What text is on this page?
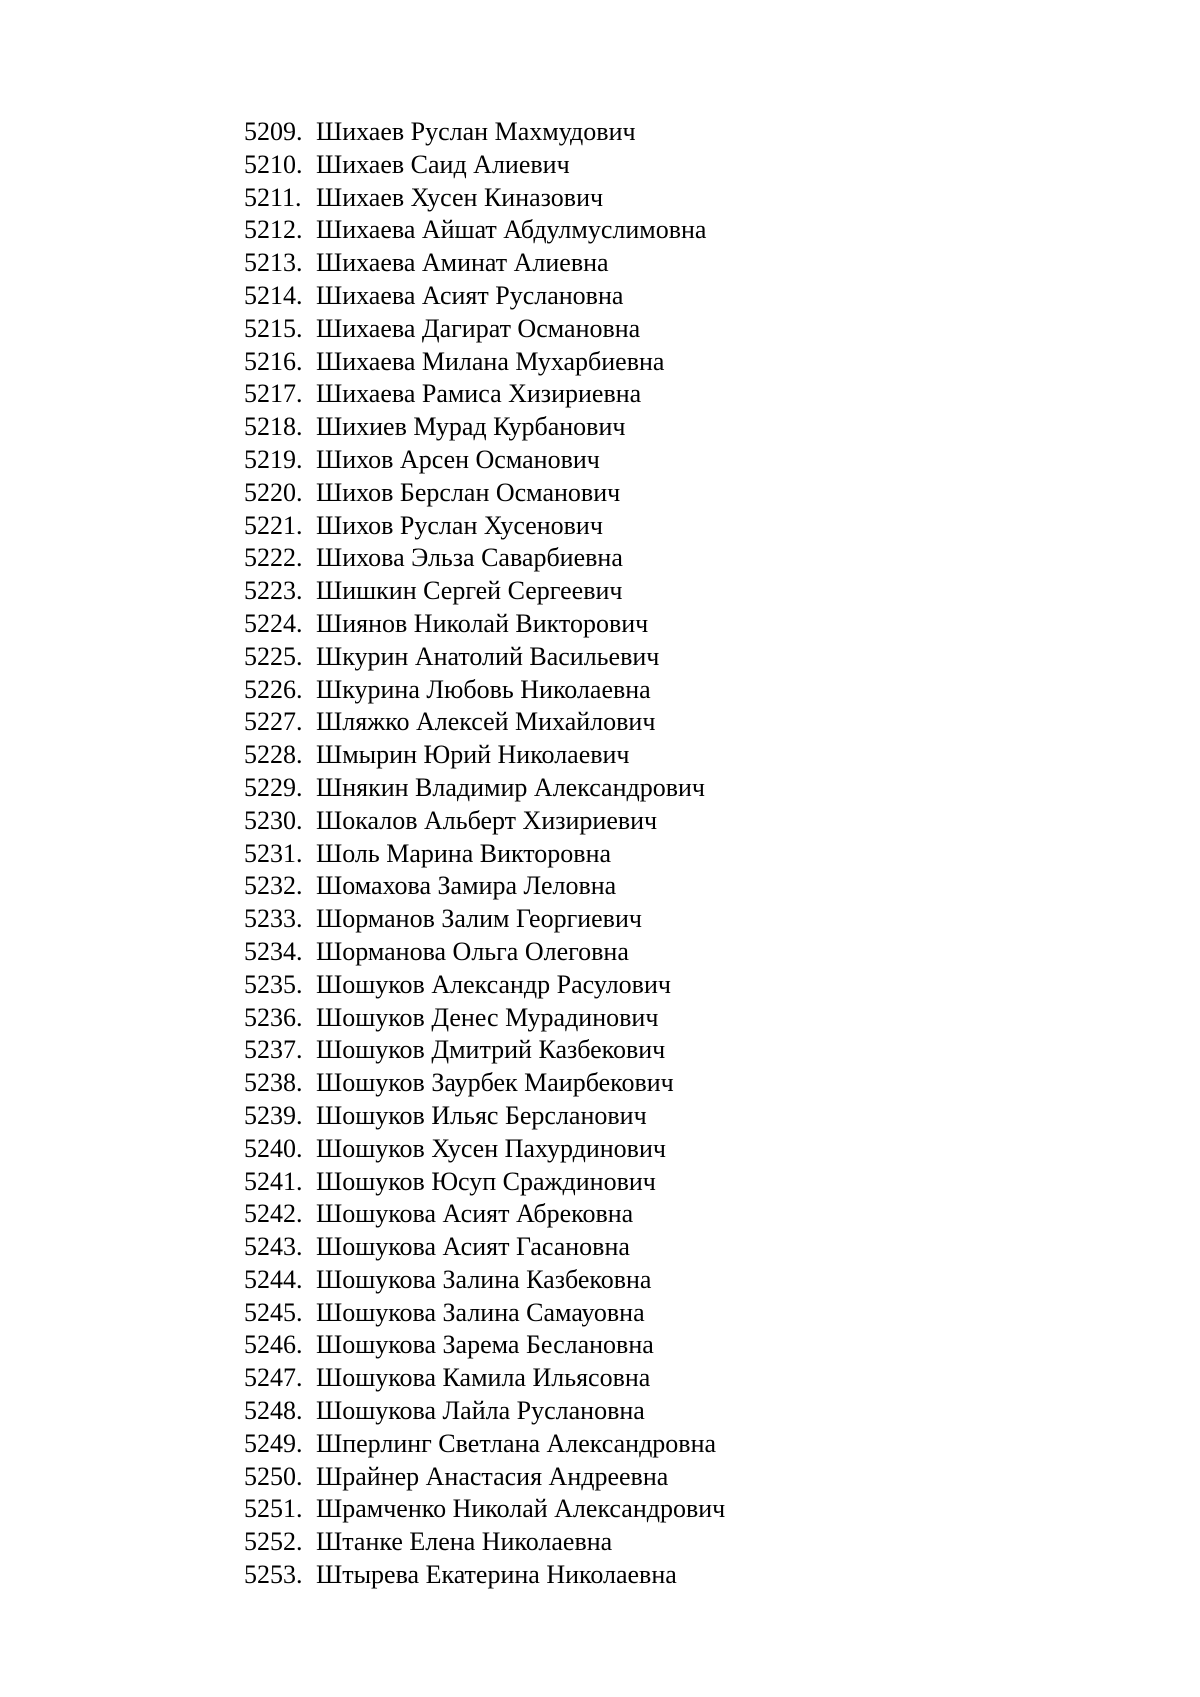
5209. Шихаев Руслан Махмудович
5210. Шихаев Саид Алиевич
5211. Шихаев Хусен Киназович
5212. Шихаева Айшат Абдулмуслимовна
5213. Шихаева Аминат Алиевна
5214. Шихаева Асият Руслановна
5215. Шихаева Дагират Османовна
5216. Шихаева Милана Мухарбиевна
5217. Шихаева Рамиса Хизириевна
5218. Шихиев Мурад Курбанович
5219. Шихов Арсен Османович
5220. Шихов Берслан Османович
5221. Шихов Руслан Хусенович
5222. Шихова Эльза Саварбиевна
5223. Шишкин Сергей Сергеевич
5224. Шиянов Николай Викторович
5225. Шкурин Анатолий Васильевич
5226. Шкурина Любовь Николаевна
5227. Шляжко Алексей Михайлович
5228. Шмырин Юрий Николаевич
5229. Шнякин Владимир Александрович
5230. Шокалов Альберт Хизириевич
5231. Шоль Марина Викторовна
5232. Шомахова Замира Леловна
5233. Шорманов Залим Георгиевич
5234. Шорманова Ольга Олеговна
5235. Шошуков Александр Расулович
5236. Шошуков Денес Мурадинович
5237. Шошуков Дмитрий Казбекович
5238. Шошуков Заурбек Маирбекович
5239. Шошуков Ильяс Берсланович
5240. Шошуков Хусен Пахурдинович
5241. Шошуков Юсуп Сраждинович
5242. Шошукова Асият Абрековна
5243. Шошукова Асият Гасановна
5244. Шошукова Залина Казбековна
5245. Шошукова Залина Самауовна
5246. Шошукова Зарема Беслановна
5247. Шошукова Камила Ильясовна
5248. Шошукова Лайла Руслановна
5249. Шперлинг Светлана Александровна
5250. Шрайнер Анастасия Андреевна
5251. Шрамченко Николай Александрович
5252. Штанке Елена Николаевна
5253. Штырева Екатерина Николаевна
